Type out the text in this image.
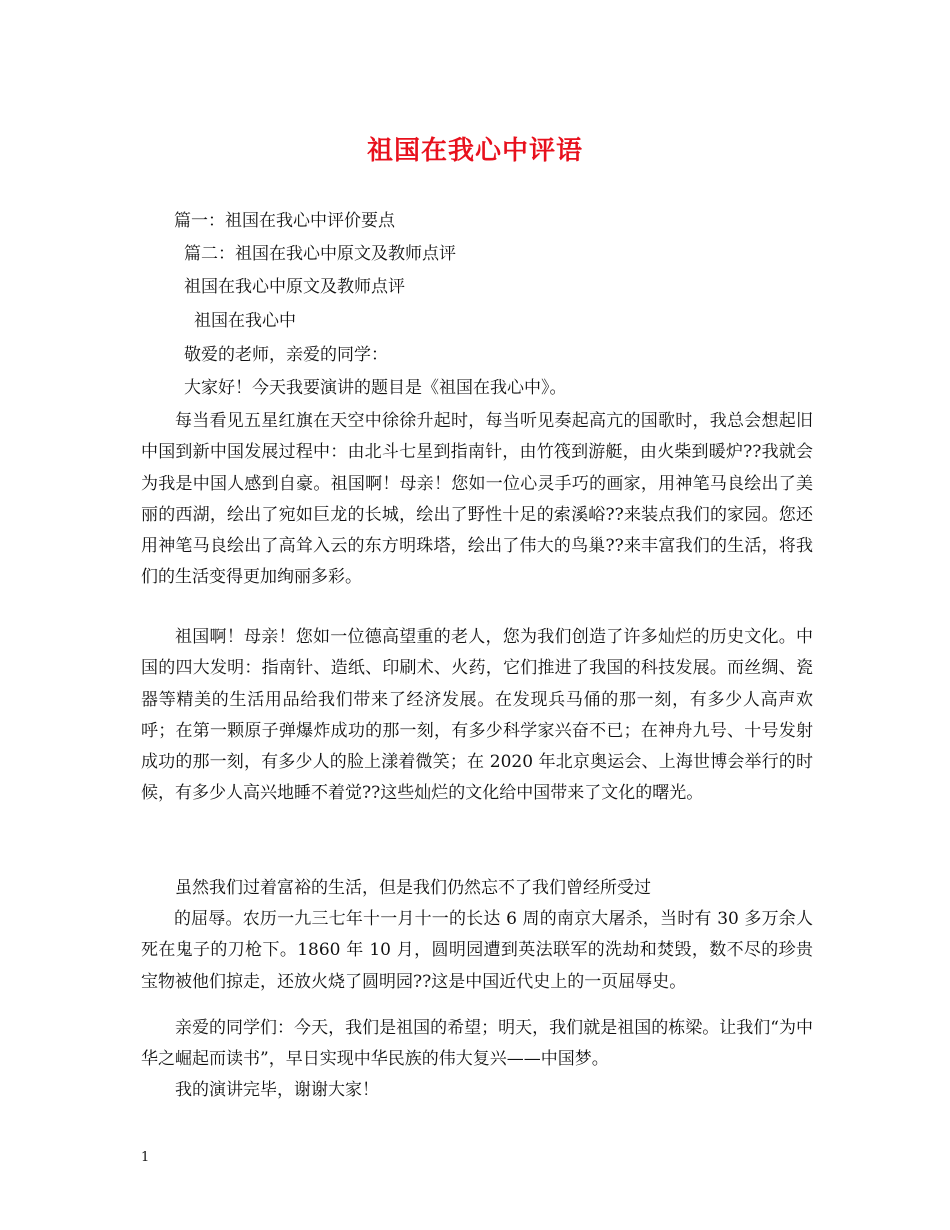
祖国在我心中评语
篇一：祖国在我心中评价要点
篇二：祖国在我心中原文及教师点评
祖国在我心中原文及教师点评
祖国在我心中
敬爱的老师，亲爱的同学：
大家好！今天我要演讲的题目是《祖国在我心中》。
每当看见五星红旗在天空中徐徐升起时，每当听见奏起高亢的国歌时，我总会想起旧中国到新中国发展过程中：由北斗七星到指南针，由竹筏到游艇，由火柴到暖炉??我就会为我是中国人感到自豪。祖国啊！母亲！您如一位心灵手巧的画家，用神笔马良绘出了美丽的西湖，绘出了宛如巨龙的长城，绘出了野性十足的索溪峪??来装点我们的家园。您还用神笔马良绘出了高耸入云的东方明珠塔，绘出了伟大的鸟巢??来丰富我们的生活，将我们的生活变得更加绚丽多彩。
祖国啊！母亲！您如一位德高望重的老人，您为我们创造了许多灿烂的历史文化。中国的四大发明：指南针、造纸、印刷术、火药，它们推进了我国的科技发展。而丝绸、瓷器等精美的生活用品给我们带来了经济发展。在发现兵马俑的那一刻，有多少人高声欢呼；在第一颗原子弹爆炸成功的那一刻，有多少科学家兴奋不已；在神舟九号、十号发射成功的那一刻，有多少人的脸上漾着微笑；在 2020 年北京奥运会、上海世博会举行的时候，有多少人高兴地睡不着觉??这些灿烂的文化给中国带来了文化的曙光。
虽然我们过着富裕的生活，但是我们仍然忘不了我们曾经所受过
的屈辱。农历一九三七年十一月十一的长达 6 周的南京大屠杀，当时有 30 多万余人死在鬼子的刀枪下。1860 年 10 月，圆明园遭到英法联军的洗劫和焚毁，数不尽的珍贵宝物被他们掠走，还放火烧了圆明园??这是中国近代史上的一页屈辱史。
亲爱的同学们：今天，我们是祖国的希望；明天，我们就是祖国的栋梁。让我们“为中华之崛起而读书”，早日实现中华民族的伟大复兴——中国梦。
我的演讲完毕，谢谢大家！
1
